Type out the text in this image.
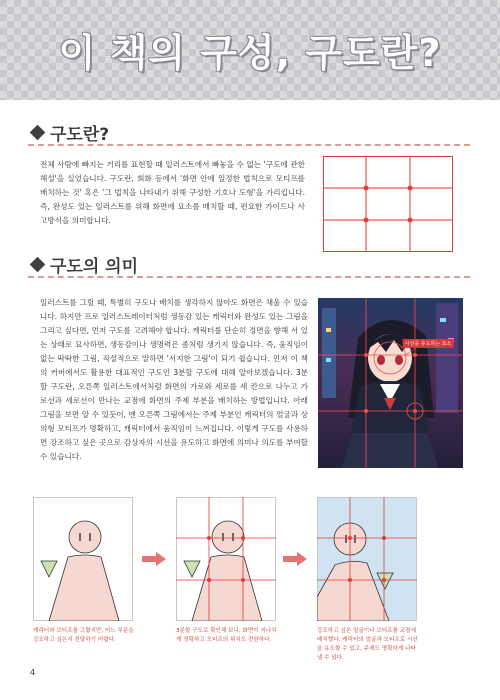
이 책의 구성, 구도란?
구도란?
전체 사람에 빠지는 거리를 표현할 때 일러스트에서 빠놓을 수 없는 '구도에 관한 해설'을 실었습니다. 구도란, 회화 등에서 '화면 안에 일정한 법칙으로 모티프를 배치하는 것' 혹은 '그 법칙을 나타내기 위해 구성한 기호나 도형'을 가리킵니다. 즉, 완성도 있는 일러스트를 위해 화면에 요소를 배치할 때, 편요한 가이드나 사고방식을 의미합니다.
구도의 의미
일러스트를 그릴 때, 특별히 구도나 배치를 생각하지 않아도 화면은 채울 수 있습니다. 하지만 프로 일러스트레이터처럼 생동감 있는 캐릭터와 완성도 있는 그림을 그리고 싶다면, 먼저 구도를 고려해야 합니다. 캐릭터를 단순히 정면을 향해 서 있는 상태로 묘사하면, 생동감이나 생명력은 좀처럼 생기지 않습니다. 즉, 움직임이 없는 딱딱한 그림, 직설적으로 말하면 '서지한 그림'이 되기 쉽습니다. 먼저 이 책의 커버에서도 활용한 대표적인 구도인 3분할 구도에 대해 알아보겠습니다. 3분할 구도란, 오른쪽 일러스트에서처럼 화면의 가로와 세로를 세 칸으로 나누고 가로선과 세로선이 만나는 교점에 화면의 주제 부분을 배치하는 방법입니다. 아래 그림을 보면 알 수 있듯이, 맨 오른쪽 그림에서는 주제 부분인 캐릭터의 얼굴과 상의형 모티프가 명확하고, 캐릭터에서 움직임이 느껴집니다. 이렇게 구도를 사용하면 강조하고 싶은 곳으로 감상자의 시선을 유도하고 화면에 의미나 의도를 부여할 수 있습니다.
시선을 유도하는 요소
캐릭터와 모티프를 그렸지만, 어느 부분을 강조하고 싶은지 전달하기 어렵다.
3분할 구도로 확인해 보니, 화면이 지나치게 정확하고 모티프의 위치도 전한하다.
강조하고 싶은 얼굴이나 모티프를 교점에 배치했다. 캐릭터의 얼굴과 모티프로 시선을 유도할 수 있고, 주제도 명확하게 나타낼 수 있다.
4
